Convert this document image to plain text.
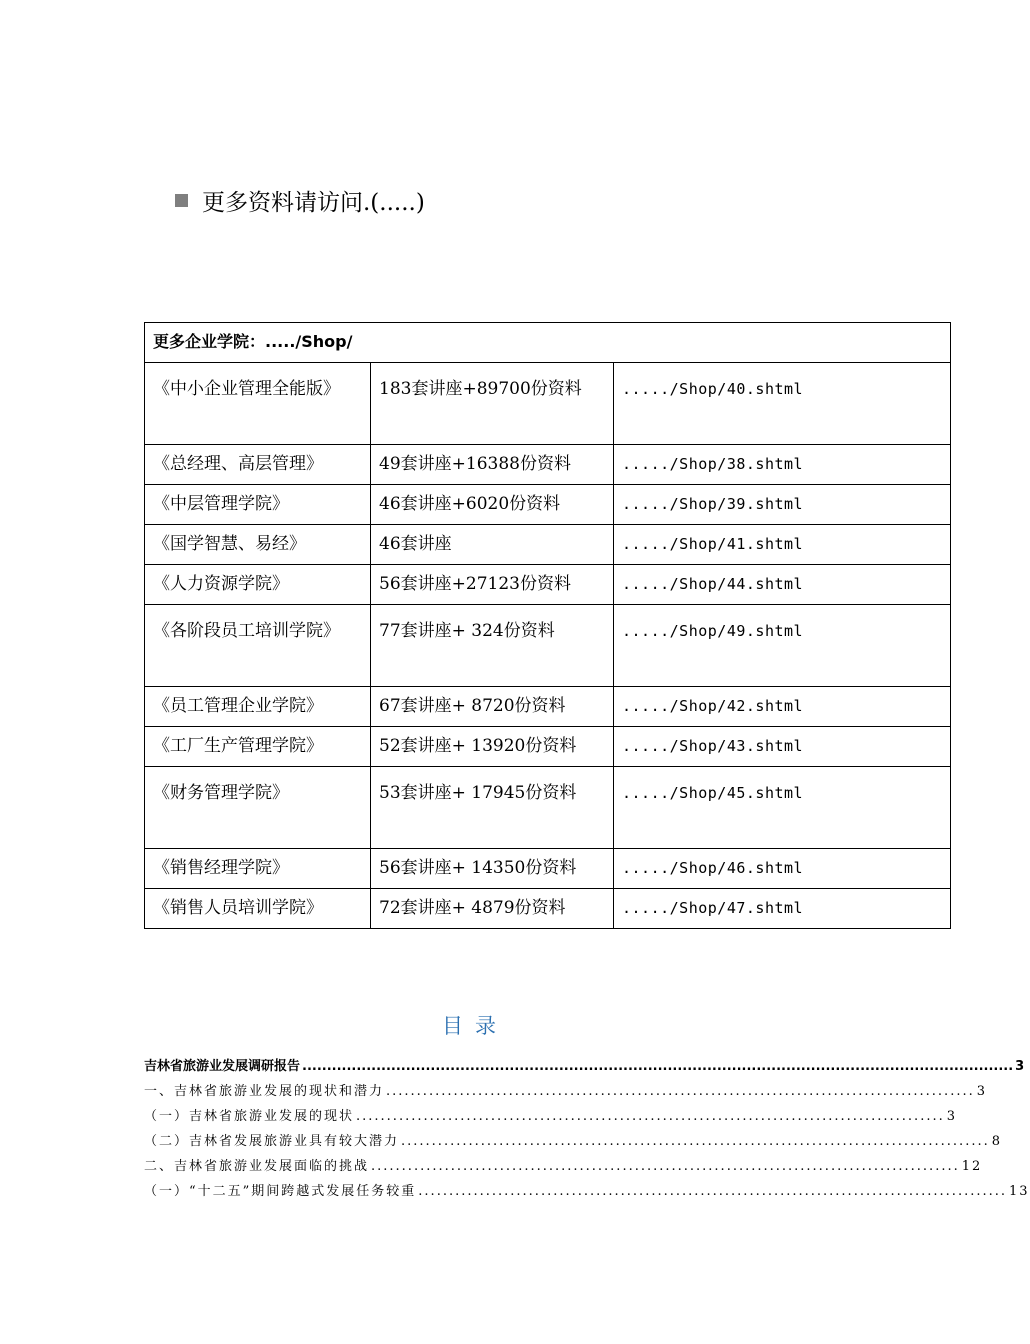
更多资料请访问.(.....)
更多企业学院：...../Shop/		
《中小企业管理全能版》	183套讲座+89700份资料	...../Shop/40.shtml
《总经理、高层管理》	49套讲座+16388份资料	...../Shop/38.shtml
《中层管理学院》	46套讲座+6020份资料	...../Shop/39.shtml
《国学智慧、易经》	46套讲座	...../Shop/41.shtml
《人力资源学院》	56套讲座+27123份资料	...../Shop/44.shtml
《各阶段员工培训学院》	77套讲座+ 324份资料	...../Shop/49.shtml
《员工管理企业学院》	67套讲座+ 8720份资料	...../Shop/42.shtml
《工厂生产管理学院》	52套讲座+ 13920份资料	...../Shop/43.shtml
《财务管理学院》	53套讲座+ 17945份资料	...../Shop/45.shtml
《销售经理学院》	56套讲座+ 14350份资料	...../Shop/46.shtml
《销售人员培训学院》	72套讲座+ 4879份资料	...../Shop/47.shtml
目录
吉林省旅游业发展调研报告 ................................................................................................................................................ 3
一、吉林省旅游业发展的现状和潜力 ................................................................................................ 3
（一）吉林省旅游业发展的现状 ................................................................................................ 3
（二）吉林省发展旅游业具有较大潜力 ................................................................................................ 8
二、吉林省旅游业发展面临的挑战 ................................................................................................ 12
（一）“十二五”期间跨越式发展任务较重 ................................................................................................ 13
